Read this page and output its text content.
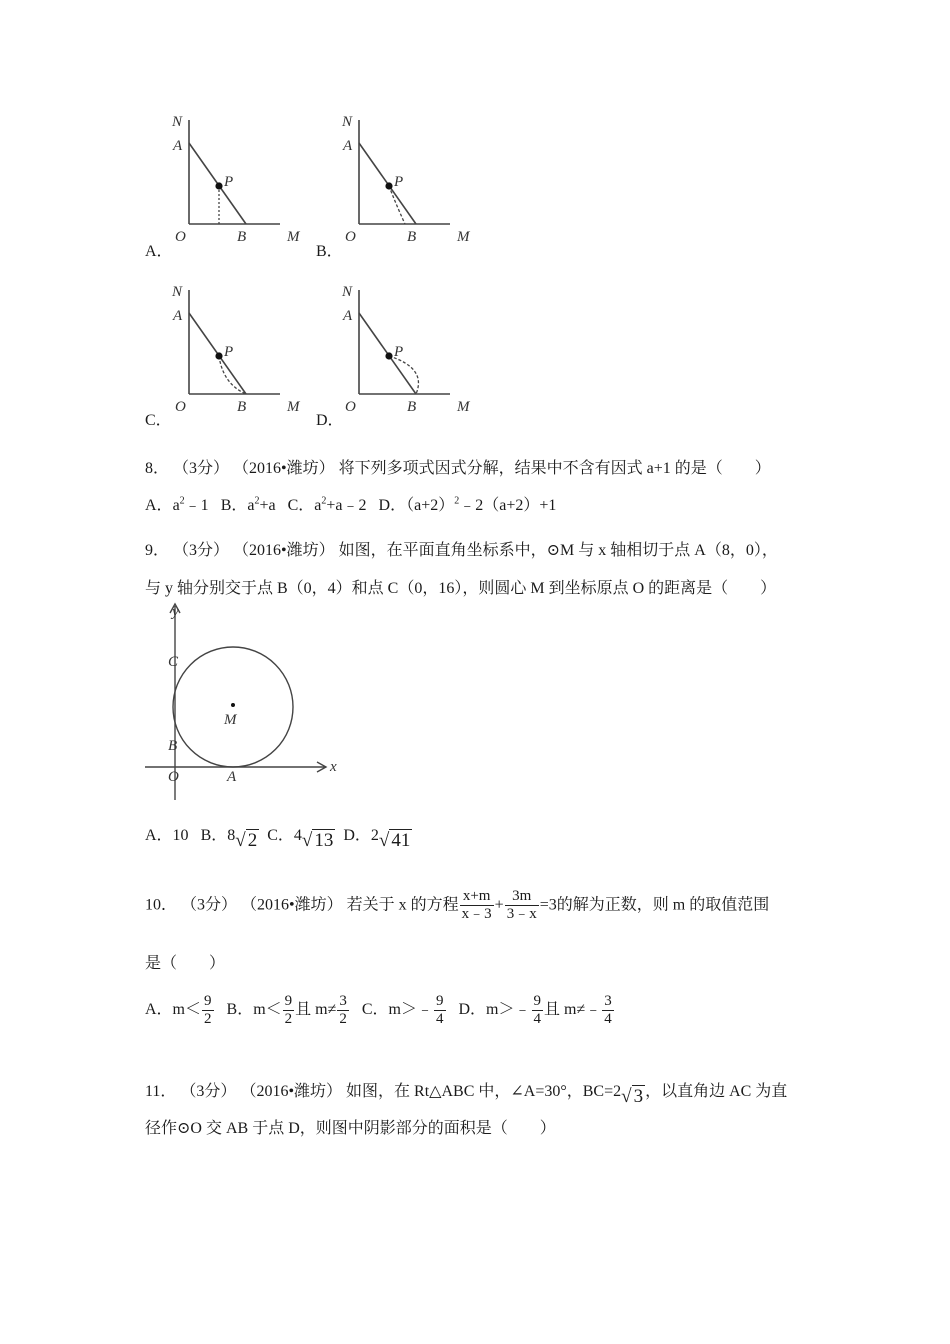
N
A
P
O	B	M
A．
N
A
P
O	B	M
B．
N
A
P
O	B	M
C．
N
A
P
O	B	M
D．
8． （3分） （2016•潍坊） 将下列多项式因式分解，结果中不含有因式 a+1 的是（　　）
A．$a^2﹣1$ B．$a^2+a$ C．$a^2+a﹣2$ D．$(a+2)^2﹣2(a+2)+1$
9． （3分） （2016•潍坊） 如图，在平面直角坐标系中，⊙M 与 x 轴相切于点 A（8，0），
与 y 轴分别交于点 B（0，4）和点 C（0，16），则圆心 M 到坐标原点 O 的距离是（　　）
y
x
C
M
B
O	A
A．10 B．8√ 2 C．4√ 13 D．2√ 41
10． （3分） （2016•潍坊） 若关于 x 的方程 $\frac{x+m}{x﹣3} + \frac{3m}{3﹣x} =3$的解为正数，则 m 的取值范围
是（　　）
A．$m< \frac{9}{2}$ B．$m< \frac{9}{2}$ 且 $m\ne \frac{3}{2}$ C．m＞﹣ $\frac{9}{4}$ D．m＞﹣ $\frac{9}{4}$ 且 m≠﹣ $\frac{3}{4}$
11． （3分） （2016•潍坊） 如图，在 Rt△ABC 中，∠A=30°，BC=2√ 3 ，以直角边 AC 为直
径作⊙O 交 AB 于点 D，则图中阴影部分的面积是（　　）
